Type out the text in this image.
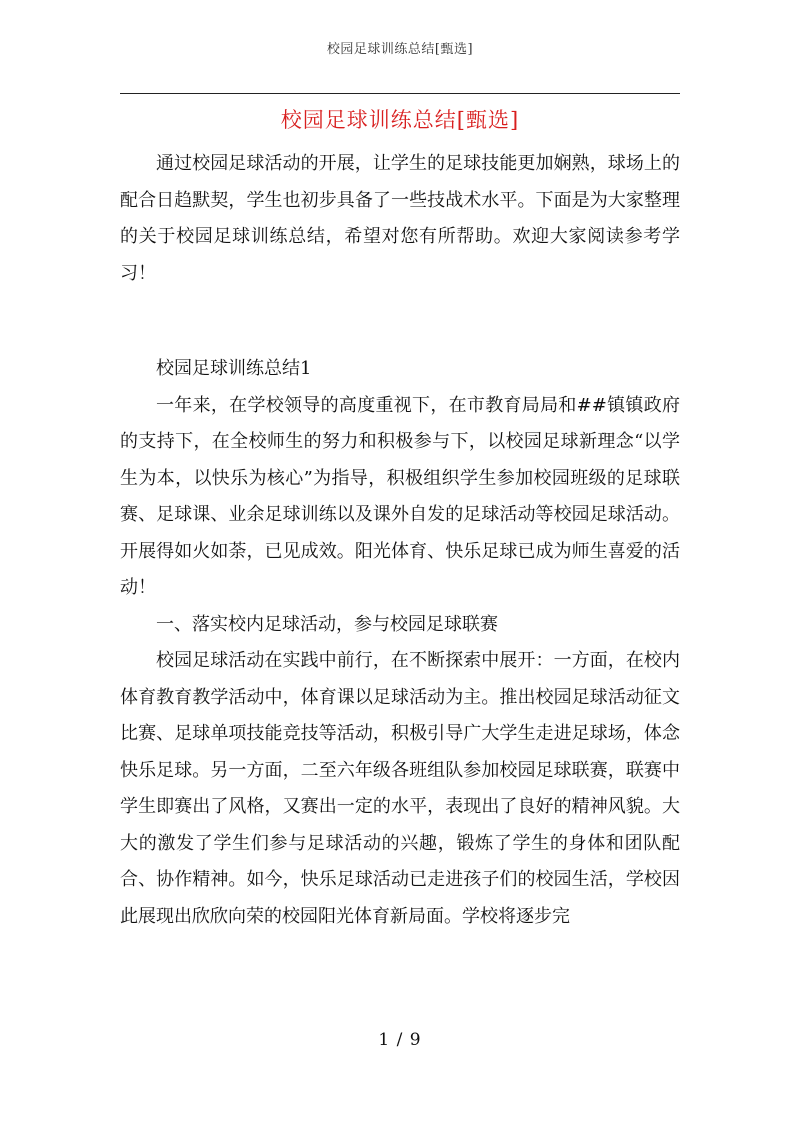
校园足球训练总结[甄选]
校园足球训练总结[甄选]

通过校园足球活动的开展，让学生的足球技能更加娴熟，球场上的配合日趋默契，学生也初步具备了一些技战术水平。下面是为大家整理的关于校园足球训练总结，希望对您有所帮助。欢迎大家阅读参考学习！

校园足球训练总结1

一年来，在学校领导的高度重视下，在市教育局局和##镇镇政府的支持下，在全校师生的努力和积极参与下，以校园足球新理念“以学生为本，以快乐为核心”为指导，积极组织学生参加校园班级的足球联赛、足球课、业余足球训练以及课外自发的足球活动等校园足球活动。开展得如火如荼，已见成效。阳光体育、快乐足球已成为师生喜爱的活动！

一、落实校内足球活动，参与校园足球联赛

校园足球活动在实践中前行，在不断探索中展开：一方面，在校内体育教育教学活动中，体育课以足球活动为主。推出校园足球活动征文比赛、足球单项技能竞技等活动，积极引导广大学生走进足球场，体念快乐足球。另一方面，二至六年级各班组队参加校园足球联赛，联赛中学生即赛出了风格，又赛出一定的水平，表现出了良好的精神风貌。大大的激发了学生们参与足球活动的兴趣，锻炼了学生的身体和团队配合、协作精神。如今，快乐足球活动已走进孩子们的校园生活，学校因此展现出欣欣向荣的校园阳光体育新局面。学校将逐步完

1 / 9
